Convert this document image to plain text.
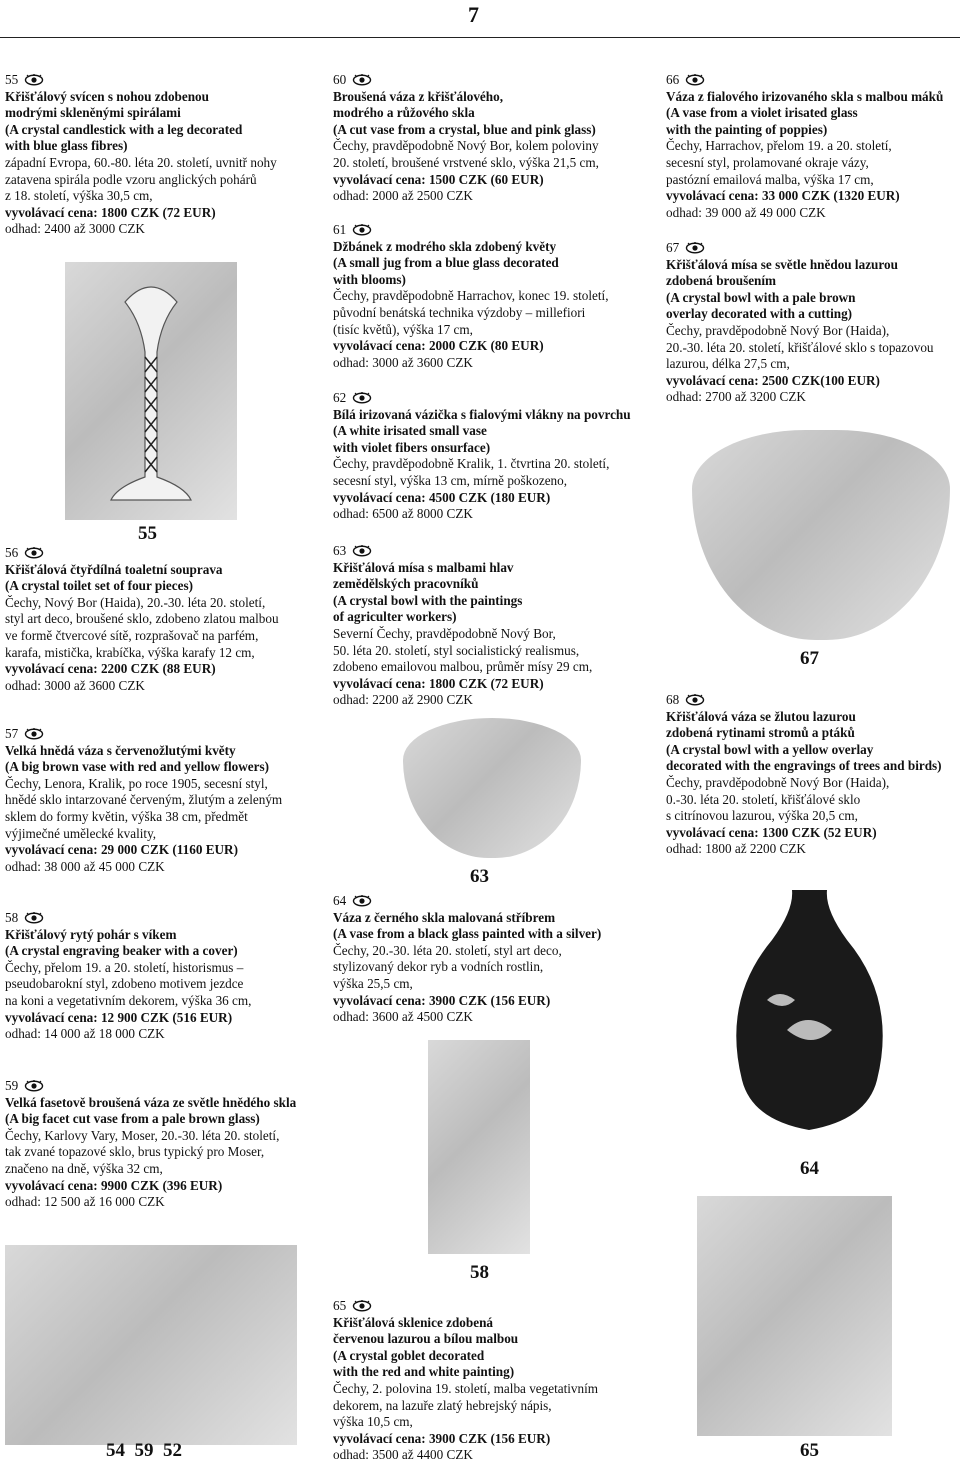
7
55
Křišťálový svícen s nohou zdobenou
modrými skleněnými spirálami
(A crystal candlestick with a leg decorated
with blue glass fibres)
západní Evropa, 60.-80. léta 20. století, uvnitř nohy
zatavena spirála podle vzoru anglických pohárů
z 18. století, výška 30,5 cm,
vyvolávací cena: 1800 CZK (72 EUR)
odhad: 2400 až 3000 CZK
55
56
Křišťálová čtyřdílná toaletní souprava
(A crystal toilet set of four pieces)
Čechy, Nový Bor (Haida), 20.-30. léta 20. století,
styl art deco, broušené sklo, zdobeno zlatou malbou
ve formě čtvercové sítě, rozprašovač na parfém,
karafa, mistička, krabíčka, výška karafy 12 cm,
vyvolávací cena: 2200 CZK (88 EUR)
odhad: 3000 až 3600 CZK
57
Velká hnědá váza s červenožlutými květy
(A big brown vase with red and yellow flowers)
Čechy, Lenora, Kralik, po roce 1905, secesní styl,
hnědé sklo intarzované červeným, žlutým a zeleným
sklem do formy květin, výška 38 cm, předmět
výjimečné umělecké kvality,
vyvolávací cena: 29 000 CZK (1160 EUR)
odhad: 38 000 až 45 000 CZK
58
Křišťálový rytý pohár s víkem
(A crystal engraving beaker with a cover)
Čechy, přelom 19. a 20. století, historismus –
pseudobarokní styl, zdobeno motivem jezdce
na koni a vegetativním dekorem, výška 36 cm,
vyvolávací cena: 12 900 CZK (516 EUR)
odhad: 14 000 až 18 000 CZK
59
Velká fasetově broušená váza ze světle hnědého skla
(A big facet cut vase from a pale brown glass)
Čechy, Karlovy Vary, Moser, 20.-30. léta 20. století,
tak zvané topazové sklo, brus typický pro Moser,
značeno na dně, výška 32 cm,
vyvolávací cena: 9900 CZK (396 EUR)
odhad: 12 500 až 16 000 CZK
54  59  52
60
Broušená váza z křišťálového,
modrého a růžového skla
(A cut vase from a crystal, blue and pink glass)
Čechy, pravděpodobně Nový Bor, kolem poloviny
20. století, broušené vrstvené sklo, výška 21,5 cm,
vyvolávací cena: 1500 CZK (60 EUR)
odhad: 2000 až 2500 CZK
61
Džbánek z modrého skla zdobený květy
(A small jug from a blue glass decorated
with blooms)
Čechy, pravděpodobně Harrachov, konec 19. století,
původní benátská technika výzdoby – millefiori
(tisíc květů), výška 17 cm,
vyvolávací cena: 2000 CZK (80 EUR)
odhad: 3000 až 3600 CZK
62
Bílá irizovaná vázička s fialovými vlákny na povrchu
(A white irisated small vase
with violet fibers onsurface)
Čechy, pravděpodobně Kralik, 1. čtvrtina 20. století,
secesní styl, výška 13 cm, mírně poškozeno,
vyvolávací cena: 4500 CZK (180 EUR)
odhad: 6500 až 8000 CZK
63
Křišťálová mísa s malbami hlav
zemědělských pracovníků
(A crystal bowl with the paintings
of agriculter workers)
Severní Čechy, pravděpodobně Nový Bor,
50. léta 20. století, styl socialistický realismus,
zdobeno emailovou malbou, průměr mísy 29 cm,
vyvolávací cena: 1800 CZK (72 EUR)
odhad: 2200 až 2900 CZK
63
64
Váza z černého skla malovaná stříbrem
(A vase from a black glass painted with a silver)
Čechy, 20.-30. léta 20. století, styl art deco,
stylizovaný dekor ryb a vodních rostlin,
výška 25,5 cm,
vyvolávací cena: 3900 CZK (156 EUR)
odhad: 3600 až 4500 CZK
58
65
Křišťálová sklenice zdobená
červenou lazurou a bílou malbou
(A crystal goblet decorated
with the red and white painting)
Čechy, 2. polovina 19. století, malba vegetativním
dekorem, na lazuře zlatý hebrejský nápis,
výška 10,5 cm,
vyvolávací cena: 3900 CZK (156 EUR)
odhad: 3500 až 4400 CZK
66
Váza z fialového irizovaného skla s malbou máků
(A vase from a violet irisated glass
with the painting of poppies)
Čechy, Harrachov, přelom 19. a 20. století,
secesní styl, prolamované okraje vázy,
pastózní emailová malba, výška 17 cm,
vyvolávací cena: 33 000 CZK (1320 EUR)
odhad: 39 000 až 49 000 CZK
67
Křišťálová mísa se světle hnědou lazurou
zdobená broušením
(A crystal bowl with a pale brown
overlay decorated with a cutting)
Čechy, pravděpodobně Nový Bor (Haida),
20.-30. léta 20. století, křišťálové sklo s topazovou
lazurou, délka 27,5 cm,
vyvolávací cena: 2500 CZK(100 EUR)
odhad: 2700 až 3200 CZK
67
68
Křišťálová váza se žlutou lazurou
zdobená rytinami stromů a ptáků
(A crystal bowl with a yellow overlay
decorated with the engravings of trees and birds)
Čechy, pravděpodobně Nový Bor (Haida),
0.-30. léta 20. století, křišťálové sklo
s citrínovou lazurou, výška 20,5 cm,
vyvolávací cena: 1300 CZK (52 EUR)
odhad: 1800 až 2200 CZK
64
65
